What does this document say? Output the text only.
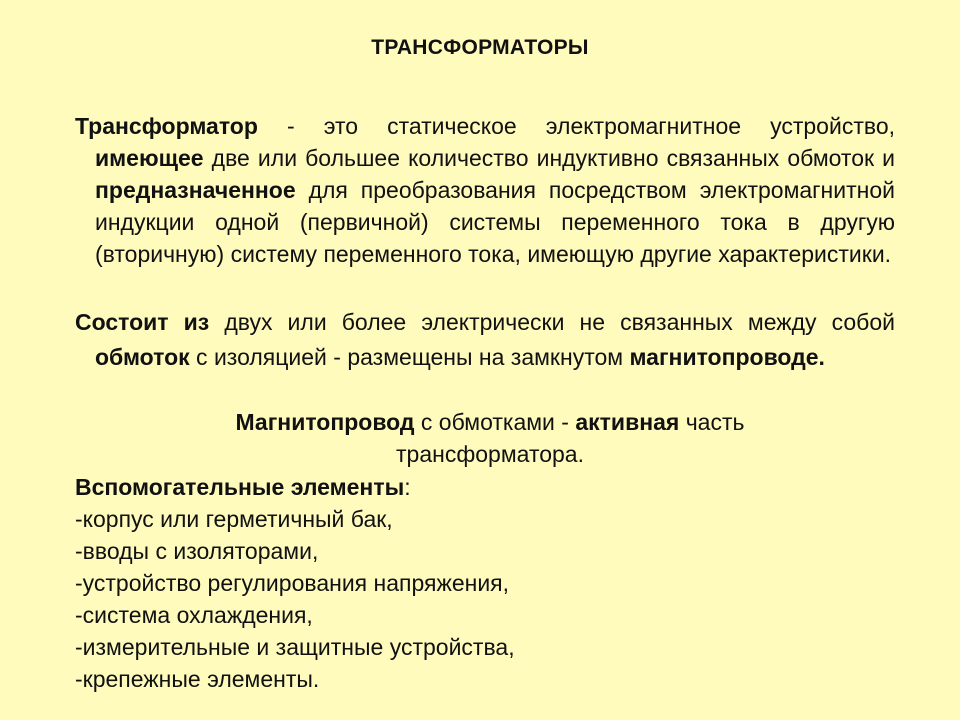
ТРАНСФОРМАТОРЫ
Трансформатор - это статическое электромагнитное устройство, имеющее две или большее количество индуктивно связанных обмоток и предназначенное для преобразования посредством электромагнитной индукции одной (первичной) системы переменного тока в другую (вторичную) систему переменного тока, имеющую другие характеристики.
Состоит из двух или более электрически не связанных между собой обмоток с изоляцией - размещены на замкнутом магнитопроводе.
Магнитопровод с обмотками - активная часть трансформатора.
Вспомогательные элементы:
-корпус или герметичный бак,
-вводы с изоляторами,
-устройство регулирования напряжения,
-система охлаждения,
-измерительные и защитные устройства,
-крепежные элементы.
